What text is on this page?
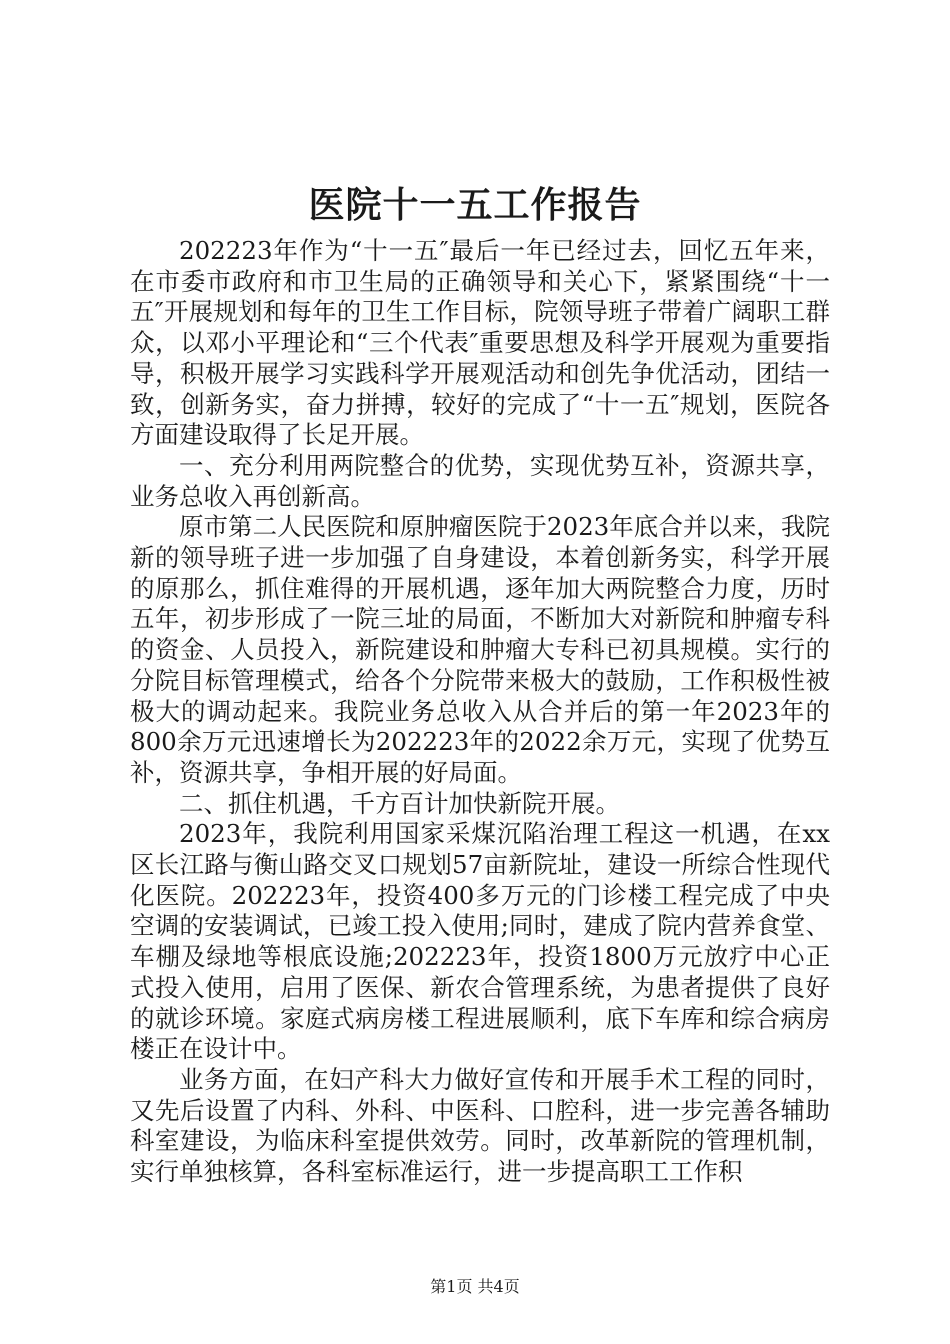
医院十一五工作报告

202223年作为“十一五″最后一年已经过去，回忆五年来，在市委市政府和市卫生局的正确领导和关心下，紧紧围绕“十一五″开展规划和每年的卫生工作目标，院领导班子带着广阔职工群众，以邓小平理论和“三个代表″重要思想及科学开展观为重要指导，积极开展学习实践科学开展观活动和创先争优活动，团结一致，创新务实，奋力拼搏，较好的完成了“十一五″规划，医院各方面建设取得了长足开展。

一、充分利用两院整合的优势，实现优势互补，资源共享，业务总收入再创新高。

原市第二人民医院和原肿瘤医院于2023年底合并以来，我院新的领导班子进一步加强了自身建设，本着创新务实，科学开展的原那么，抓住难得的开展机遇，逐年加大两院整合力度，历时五年，初步形成了一院三址的局面，不断加大对新院和肿瘤专科的资金、人员投入，新院建设和肿瘤大专科已初具规模。实行的分院目标管理模式，给各个分院带来极大的鼓励，工作积极性被极大的调动起来。我院业务总收入从合并后的第一年2023年的800余万元迅速增长为202223年的2022余万元，实现了优势互补，资源共享，争相开展的好局面。

二、抓住机遇，千方百计加快新院开展。

2023年，我院利用国家采煤沉陷治理工程这一机遇，在xx区长江路与衡山路交叉口规划57亩新院址，建设一所综合性现代化医院。202223年，投资400多万元的门诊楼工程完成了中央空调的安装调试，已竣工投入使用;同时，建成了院内营养食堂、车棚及绿地等根底设施;202223年，投资1800万元放疗中心正式投入使用，启用了医保、新农合管理系统，为患者提供了良好的就诊环境。家庭式病房楼工程进展顺利，底下车库和综合病房楼正在设计中。

业务方面，在妇产科大力做好宣传和开展手术工程的同时，又先后设置了内科、外科、中医科、口腔科，进一步完善各辅助科室建设，为临床科室提供效劳。同时，改革新院的管理机制，实行单独核算，各科室标准运行，进一步提高职工工作积

第1页 共4页
